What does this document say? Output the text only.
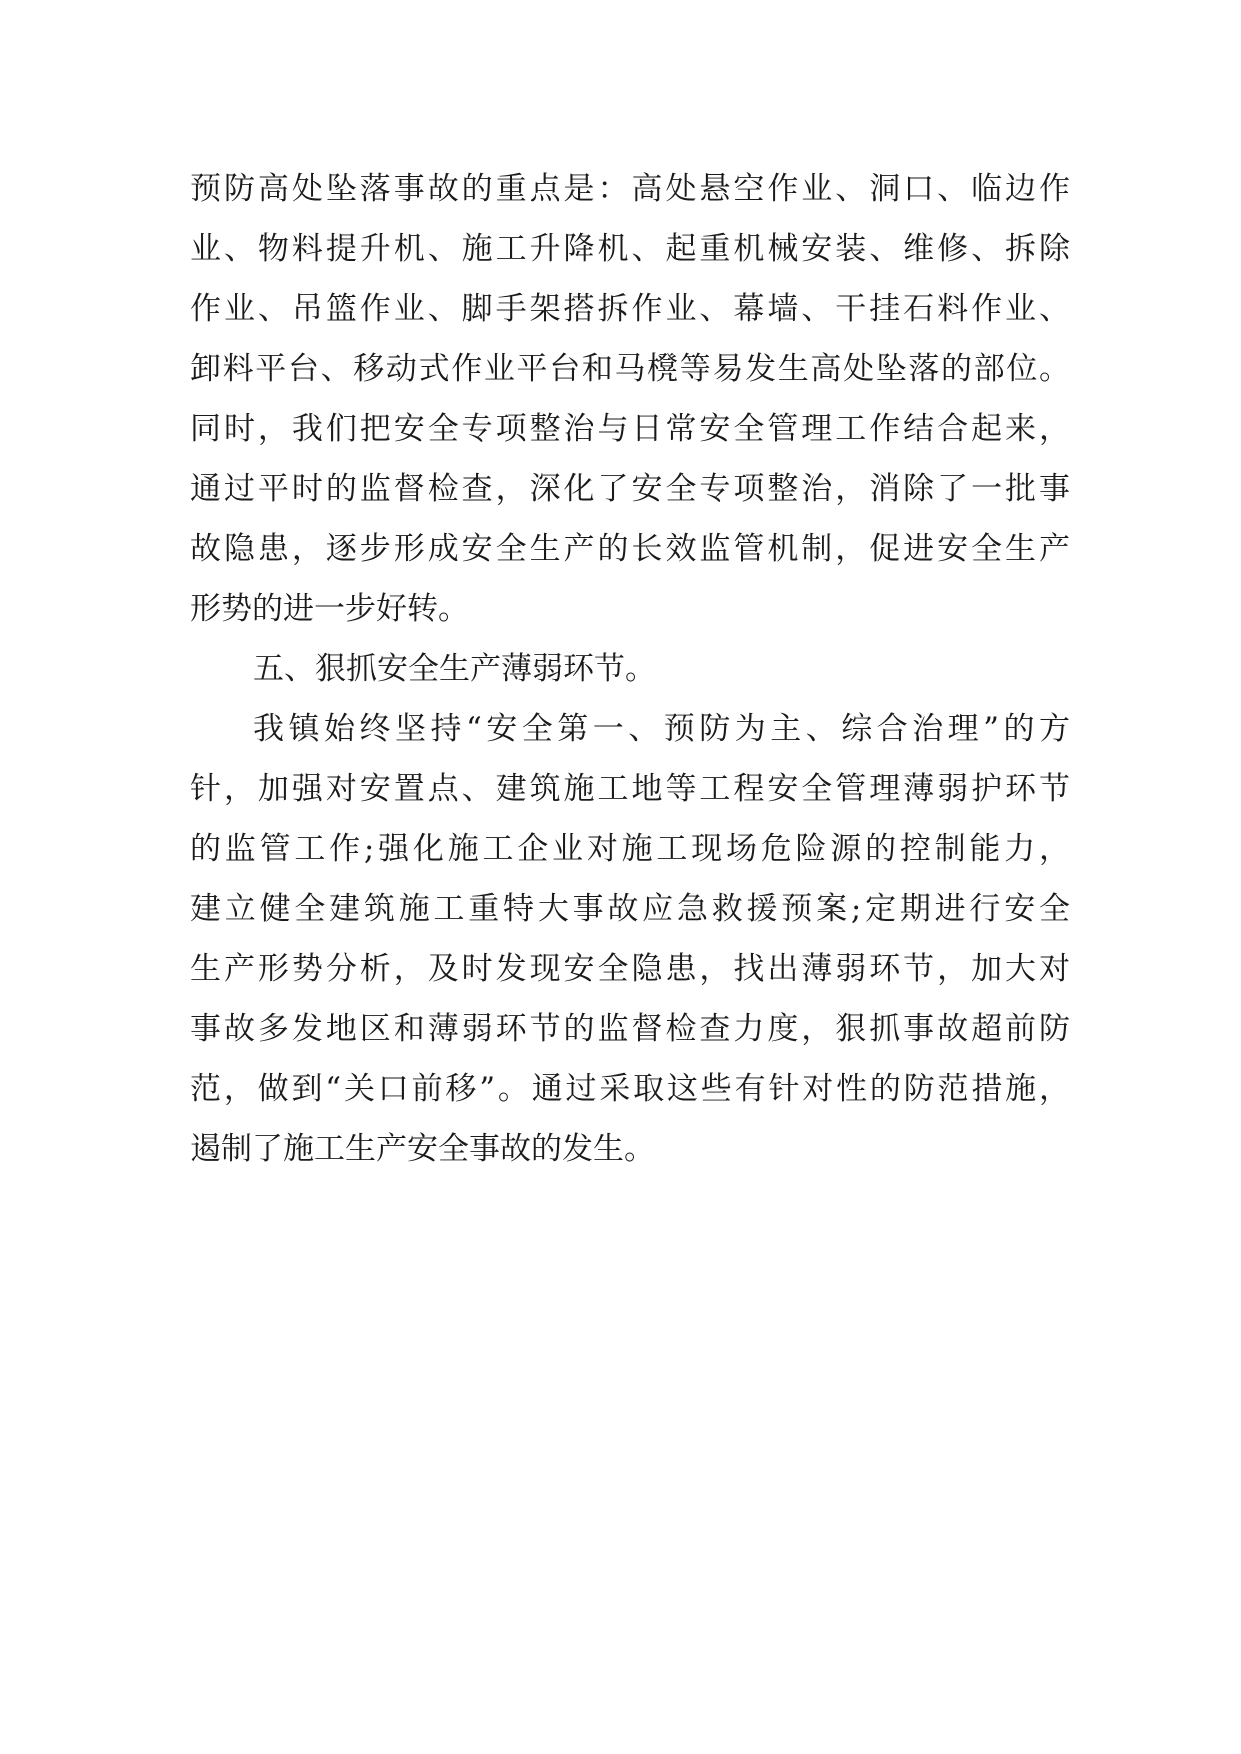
预防高处坠落事故的重点是：高处悬空作业、洞口、临边作
业、物料提升机、施工升降机、起重机械安装、维修、拆除
作业、吊篮作业、脚手架搭拆作业、幕墙、干挂石料作业、
卸料平台、移动式作业平台和马櫈等易发生高处坠落的部位。
同时，我们把安全专项整治与日常安全管理工作结合起来，
通过平时的监督检查，深化了安全专项整治，消除了一批事
故隐患，逐步形成安全生产的长效监管机制，促进安全生产
形势的进一步好转。
五、狠抓安全生产薄弱环节。
我镇始终坚持“安全第一、预防为主、综合治理”的方
针，加强对安置点、建筑施工地等工程安全管理薄弱护环节
的监管工作;强化施工企业对施工现场危险源的控制能力，
建立健全建筑施工重特大事故应急救援预案;定期进行安全
生产形势分析，及时发现安全隐患，找出薄弱环节，加大对
事故多发地区和薄弱环节的监督检查力度，狠抓事故超前防
范，做到“关口前移”。通过采取这些有针对性的防范措施，
遏制了施工生产安全事故的发生。
